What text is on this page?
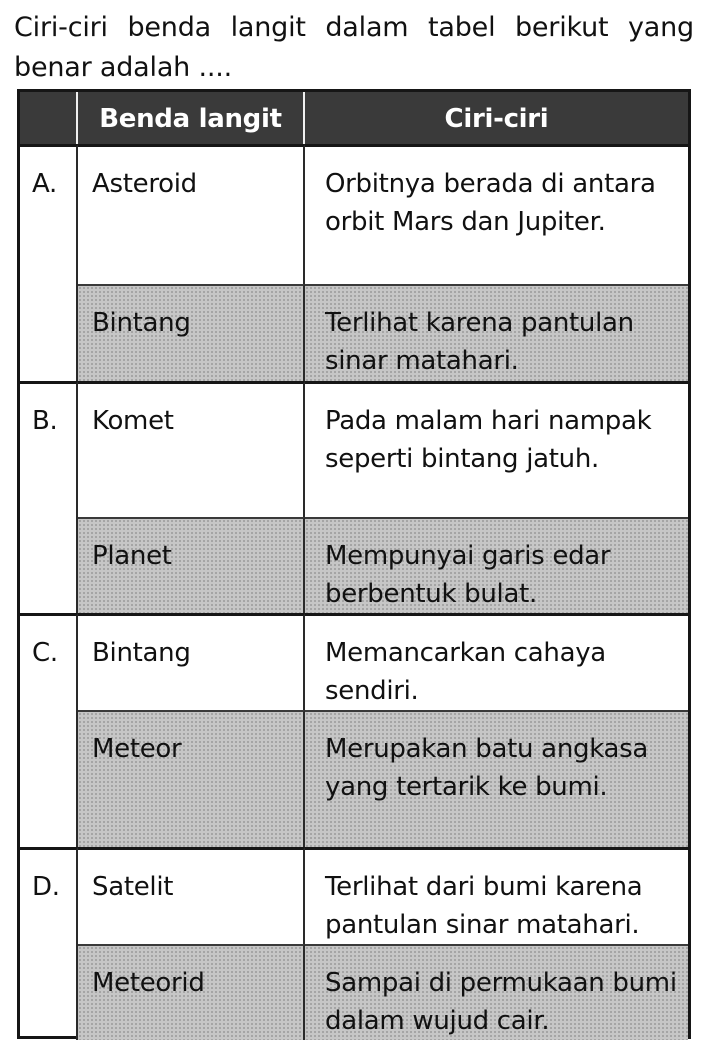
Ciri-ciri benda langit dalam tabel berikut yang benar adalah ....
Benda langit	Ciri-ciri
A.	Asteroid	Orbitnya berada di antara orbit Mars dan Jupiter.
Bintang	Terlihat karena pantulan sinar matahari.
B.	Komet	Pada malam hari nampak seperti bintang jatuh.
Planet	Mempunyai garis edar berbentuk bulat.
C.	Bintang	Memancarkan cahaya sendiri.
Meteor	Merupakan batu angkasa yang tertarik ke bumi.
D.	Satelit	Terlihat dari bumi karena pantulan sinar matahari.
Meteorid	Sampai di permukaan bumi dalam wujud cair.
